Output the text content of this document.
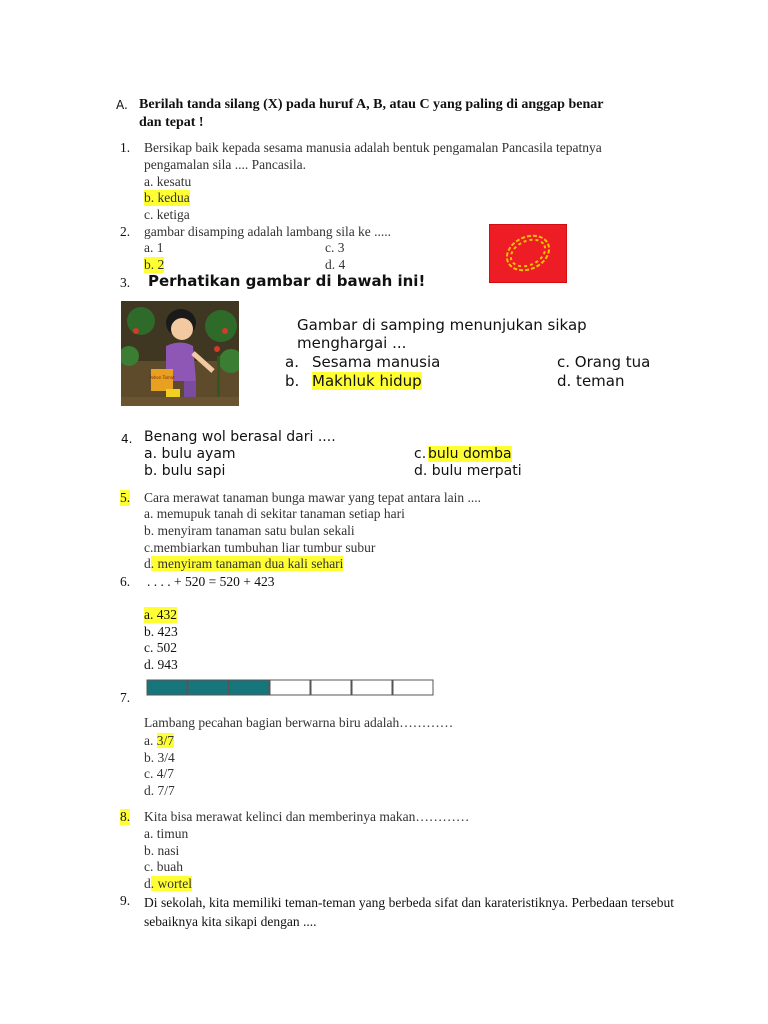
A. Berilah tanda silang (X) pada huruf A, B, atau C yang paling di anggap benar
dan tepat !
1. Bersikap baik kepada sesama manusia adalah bentuk pengamalan Pancasila tepatnya
pengamalan sila .... Pancasila.
a. kesatu
b. kedua
c. ketiga
2. gambar disamping adalah lambang sila ke .....
a. 1
b. 2
c. 3
d. 4
3. Perhatikan gambar di bawah ini!
Pohon Tomat
Gambar di samping menunjukan sikap
menghargai ...
a. Sesama manusia
b. Makhluk hidup
c. Orang tua
d. teman
4. Benang wol berasal dari ....
a. bulu ayam
b. bulu sapi
c. bulu domba
d. bulu merpati
5. Cara merawat tanaman bunga mawar yang tepat antara lain ....
a. memupuk tanah di sekitar tanaman setiap hari
b. menyiram tanaman satu bulan sekali
c.membiarkan tumbuhan liar tumbur subur
d. menyiram tanaman dua kali sehari
6. . . . . + 520 = 520 + 423
a. 432
b. 423
c. 502
d. 943
7.
Lambang pecahan bagian berwarna biru adalah…………
a. 3/7
b. 3/4
c. 4/7
d. 7/7
8. Kita bisa merawat kelinci dan memberinya makan…………
a. timun
b. nasi
c. buah
d. wortel
9. Di sekolah, kita memiliki teman-teman yang berbeda sifat dan karateristiknya. Perbedaan tersebut sebaiknya kita sikapi dengan ....
